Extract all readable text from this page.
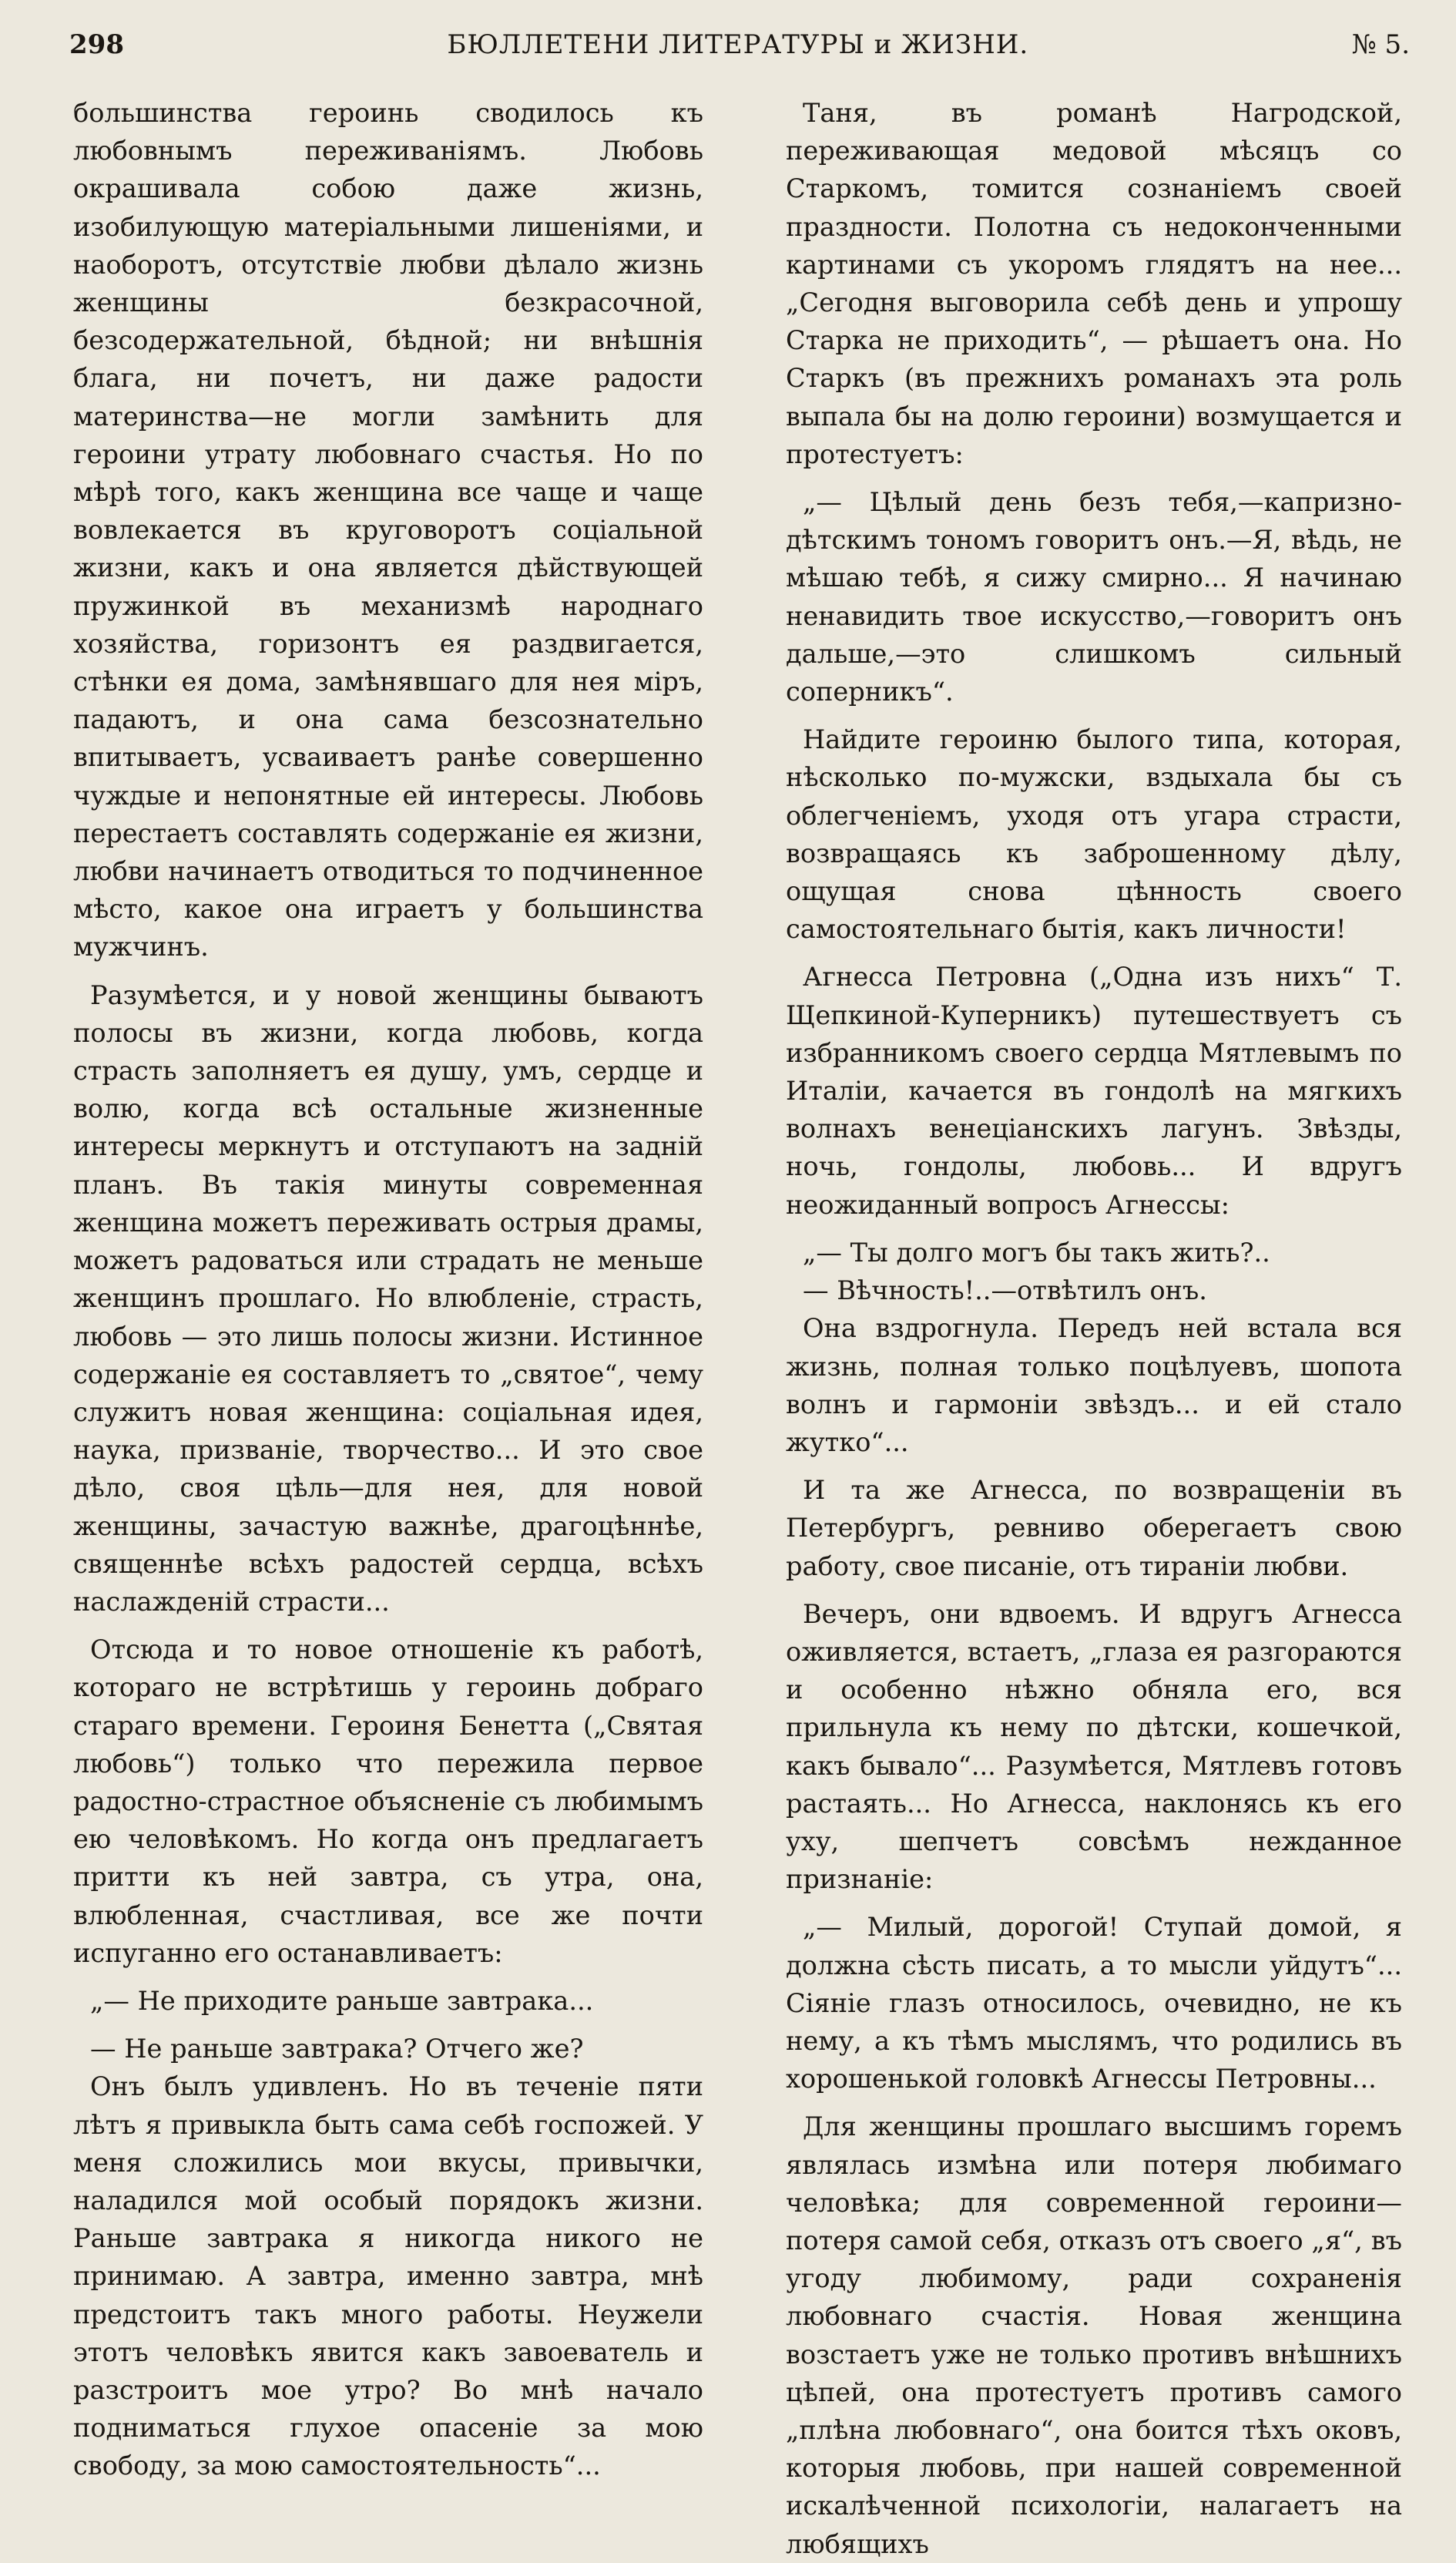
298	БЮЛЛЕТЕНИ ЛИТЕРАТУРЫ и ЖИЗНИ.	№ 5.

большинства героинь сводилось къ любовнымъ переживаніямъ. Любовь окрашивала собою даже жизнь, изобилующую матеріальными лишеніями, и наоборотъ, отсутствіе любви дѣлало жизнь женщины безкрасочной, безсодержательной, бѣдной; ни внѣшнія блага, ни почетъ, ни даже радости материнства—не могли замѣнить для героини утрату любовнаго счастья. Но по мѣрѣ того, какъ женщина все чаще и чаще вовлекается въ круговоротъ соціальной жизни, какъ и она является дѣйствующей пружинкой въ механизмѣ народнаго хозяйства, горизонтъ ея раздвигается, стѣнки ея дома, замѣнявшаго для нея міръ, падаютъ, и она сама безсознательно впитываетъ, усваиваетъ ранѣе совершенно чуждые и непонятные ей интересы. Любовь перестаетъ составлять содержаніе ея жизни, любви начинаетъ отводиться то подчиненное мѣсто, какое она играетъ у большинства мужчинъ.

Разумѣется, и у новой женщины бываютъ полосы въ жизни, когда любовь, когда страсть заполняетъ ея душу, умъ, сердце и волю, когда всѣ остальные жизненные интересы меркнутъ и отступаютъ на задній планъ. Въ такія минуты современная женщина можетъ переживать острыя драмы, можетъ радоваться или страдать не меньше женщинъ прошлаго. Но влюбленіе, страсть, любовь — это лишь полосы жизни. Истинное содержаніе ея составляетъ то „святое“, чему служитъ новая женщина: соціальная идея, наука, призваніе, творчество... И это свое дѣло, своя цѣль—для нея, для новой женщины, зачастую важнѣе, драгоцѣннѣе, священнѣе всѣхъ радостей сердца, всѣхъ наслажденій страсти...

Отсюда и то новое отношеніе къ работѣ, котораго не встрѣтишь у героинь добраго стараго времени. Героиня Бенетта („Святая любовь“) только что пережила первое радостно-страстное объясненіе съ любимымъ ею человѣкомъ. Но когда онъ предлагаетъ притти къ ней завтра, съ утра, она, влюбленная, счастливая, все же почти испуганно его останавливаетъ:

„— Не приходите раньше завтрака...

— Не раньше завтрака? Отчего же?

Онъ былъ удивленъ. Но въ теченіе пяти лѣтъ я привыкла быть сама себѣ госпожей. У меня сложились мои вкусы, привычки, наладился мой особый порядокъ жизни. Раньше завтрака я никогда никого не принимаю. А завтра, именно завтра, мнѣ предстоитъ такъ много работы. Неужели этотъ человѣкъ явится какъ завоеватель и разстроитъ мое утро? Во мнѣ начало подниматься глухое опасеніе за мою свободу, за мою самостоятельность“...

Таня, въ романѣ Нагродской, переживающая медовой мѣсяцъ со Старкомъ, томится сознаніемъ своей праздности. Полотна съ недоконченными картинами съ укоромъ глядятъ на нее... „Сегодня выговорила себѣ день и упрошу Старка не приходить“, — рѣшаетъ она. Но Старкъ (въ прежнихъ романахъ эта роль выпала бы на долю героини) возмущается и протестуетъ:

„— Цѣлый день безъ тебя,—капризно-дѣтскимъ тономъ говоритъ онъ.—Я, вѣдь, не мѣшаю тебѣ, я сижу смирно... Я начинаю ненавидить твое искусство,—говоритъ онъ дальше,—это слишкомъ сильный соперникъ“.

Найдите героиню былого типа, которая, нѣсколько по-мужски, вздыхала бы съ облегченіемъ, уходя отъ угара страсти, возвращаясь къ заброшенному дѣлу, ощущая снова цѣнность своего самостоятельнаго бытія, какъ личности!

Агнесса Петровна („Одна изъ нихъ“ Т. Щепкиной-Куперникъ) путешествуетъ съ избранникомъ своего сердца Мятлевымъ по Италіи, качается въ гондолѣ на мягкихъ волнахъ венеціанскихъ лагунъ. Звѣзды, ночь, гондолы, любовь... И вдругъ неожиданный вопросъ Агнессы:

„— Ты долго могъ бы такъ жить?..

— Вѣчность!..—отвѣтилъ онъ.

Она вздрогнула. Передъ ней встала вся жизнь, полная только поцѣлуевъ, шопота волнъ и гармоніи звѣздъ... и ей стало жутко“...

И та же Агнесса, по возвращеніи въ Петербургъ, ревниво оберегаетъ свою работу, свое писаніе, отъ тираніи любви.

Вечеръ, они вдвоемъ. И вдругъ Агнесса оживляется, встаетъ, „глаза ея разгораются и особенно нѣжно обняла его, вся прильнула къ нему по дѣтски, кошечкой, какъ бывало“... Разумѣется, Мятлевъ готовъ растаять... Но Агнесса, наклонясь къ его уху, шепчетъ совсѣмъ нежданное признаніе:

„— Милый, дорогой! Ступай домой, я должна сѣсть писать, а то мысли уйдутъ“... Сіяніе глазъ относилось, очевидно, не къ нему, а къ тѣмъ мыслямъ, что родились въ хорошенькой головкѣ Агнессы Петровны...

Для женщины прошлаго высшимъ горемъ являлась измѣна или потеря любимаго человѣка; для современной героини—потеря самой себя, отказъ отъ своего „я“, въ угоду любимому, ради сохраненія любовнаго счастія. Новая женщина возстаетъ уже не только противъ внѣшнихъ цѣпей, она протестуетъ противъ самого „плѣна любовнаго“, она боится тѣхъ оковъ, которыя любовь, при нашей современной искалѣченной психологіи, налагаетъ на любящихъ
